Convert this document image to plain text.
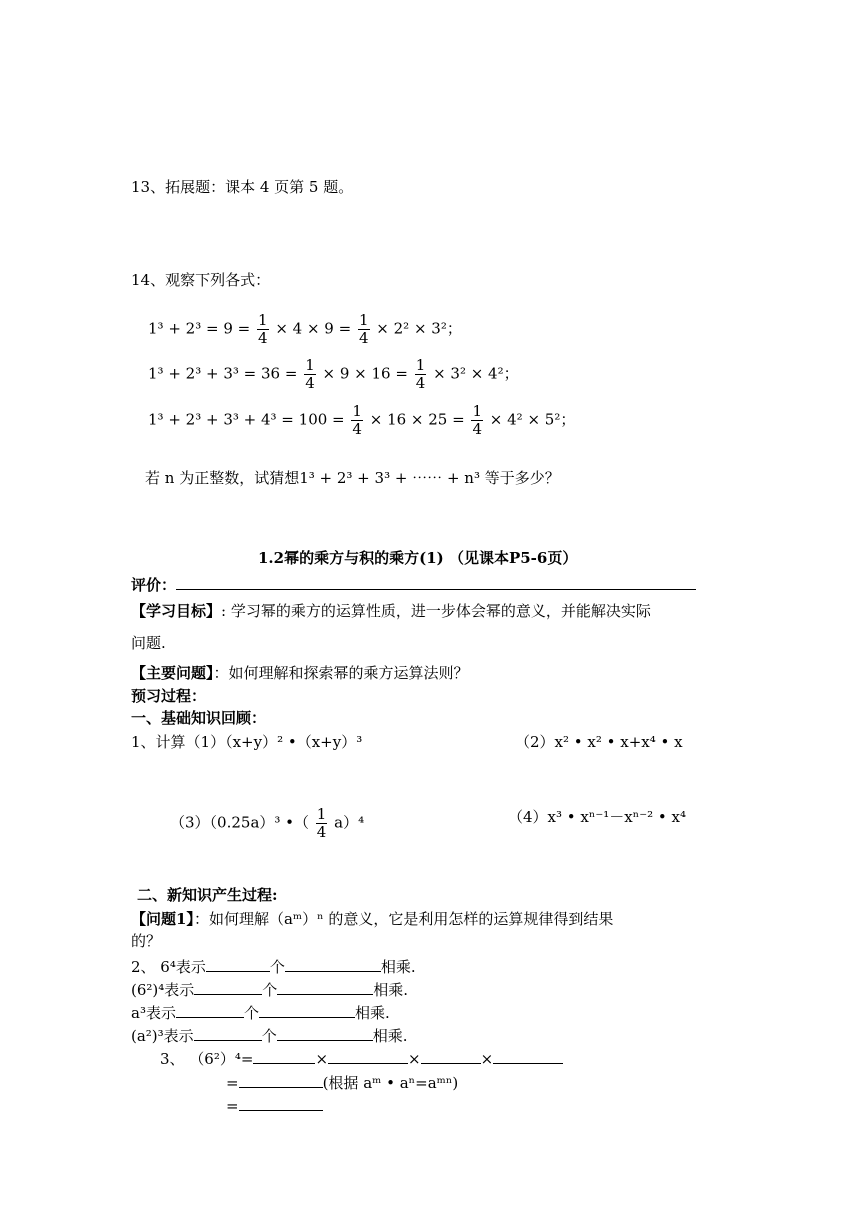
13、拓展题：课本 4 页第 5 题。
14、观察下列各式：
$1^3 + 2^3 = 9 = \frac{1}{4} \times 4 \times 9 = \frac{1}{4} \times 2^2 \times 3^2$；
$1^3 + 2^3 + 3^3 = 36 = \frac{1}{4} \times 9 \times 16 = \frac{1}{4} \times 3^2 \times 4^2$；
$1^3 + 2^3 + 3^3 + 4^3 = 100 = \frac{1}{4} \times 16 \times 25 = \frac{1}{4} \times 4^2 \times 5^2$；
若 n 为正整数，试猜想1³ + 2³ + 3³ + ⋯⋯ + n³ 等于多少？
1.2幂的乘方与积的乘方(1) （见课本P5-6页）
评价：
【学习目标】: 学习幂的乘方的运算性质，进一步体会幂的意义，并能解决实际
问题.
【主要问题】：如何理解和探索幂的乘方运算法则？
预习过程：
一、基础知识回顾：
1、计算（1）（x+y）² •（x+y）³	（2）x² • x² • x+x⁴ • x
（3）（0.25a）³ •（ $\frac{1}{4} a)^4$	（4）x³ • xⁿ⁻¹－xⁿ⁻² • x⁴
二、新知识产生过程:
【问题1】：如何理解（aᵐ）ⁿ 的意义，它是利用怎样的运算规律得到结果
的？
2、 6⁴表示	个	相乘.
(6²)⁴表示	个	相乘.
a³表示	个	相乘.
(a²)³表示	个	相乘.
3、 （6²）⁴=	×	×	×
=	(根据 aᵐ • aⁿ=aᵐⁿ)
=
